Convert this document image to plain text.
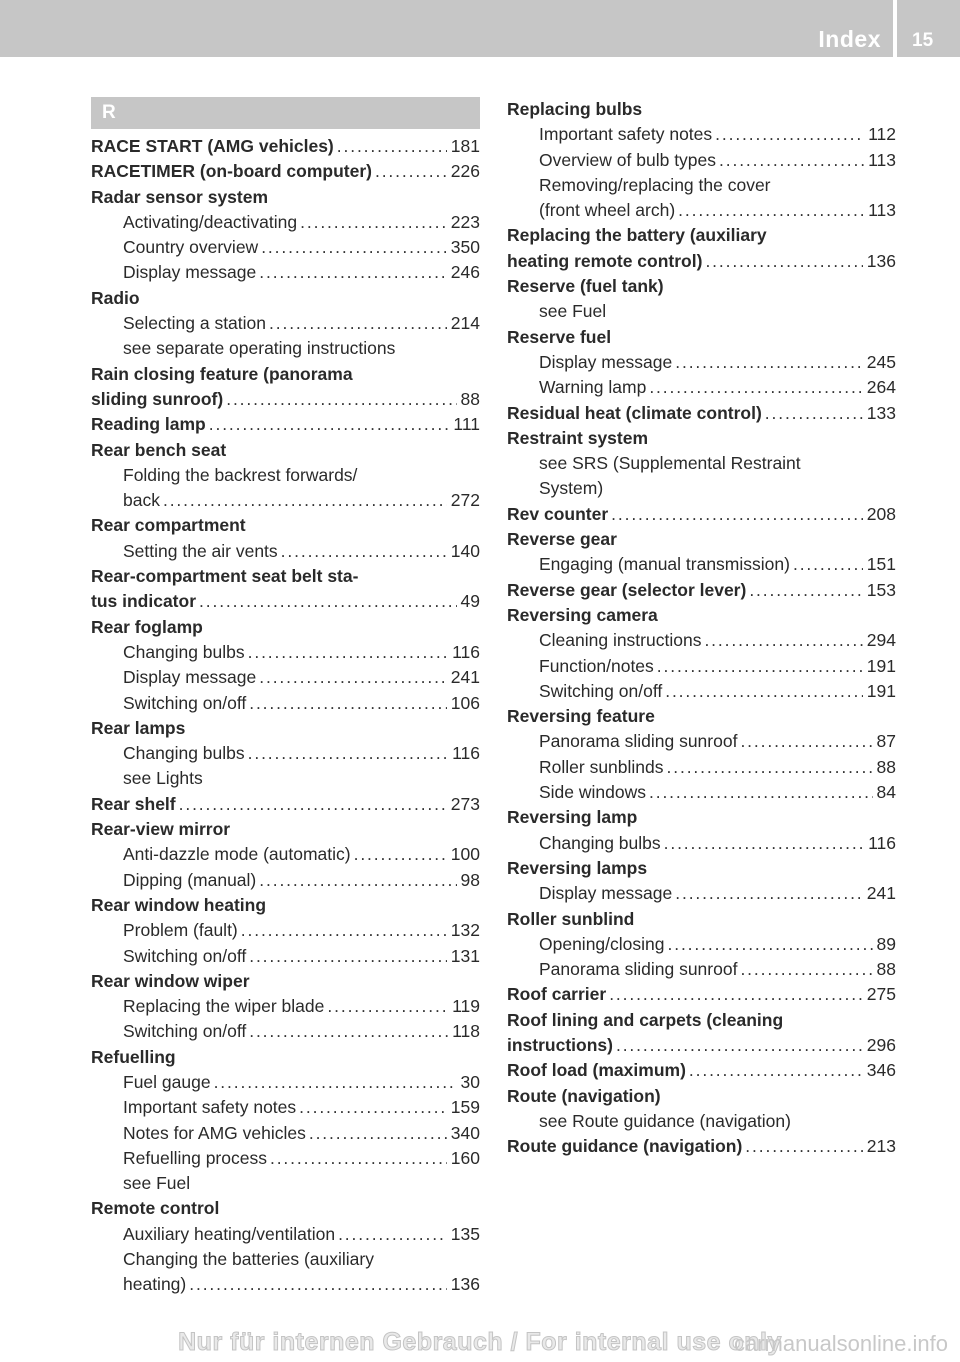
Index 15
R
RACE START (AMG vehicles) . . .	181
RACETIMER (on-board computer) . . .	226
Radar sensor system
Activating/deactivating . . .	223
Country overview . . .	350
Display message . . .	246
Radio
Selecting a station . . .	214
see separate operating instructions
Rain closing feature (panorama
sliding sunroof) . . .	88
Reading lamp . . .	111
Rear bench seat
Folding the backrest forwards/
back . . .	272
Rear compartment
Setting the air vents . . .	140
Rear-compartment seat belt sta-
tus indicator . . .	49
Rear foglamp
Changing bulbs . . .	116
Display message . . .	241
Switching on/off . . .	106
Rear lamps
Changing bulbs . . .	116
see Lights
Rear shelf . . .	273
Rear-view mirror
Anti-dazzle mode (automatic) . . .	100
Dipping (manual) . . .	98
Rear window heating
Problem (fault) . . .	132
Switching on/off . . .	131
Rear window wiper
Replacing the wiper blade . . .	119
Switching on/off . . .	118
Refuelling
Fuel gauge . . .	30
Important safety notes . . .	159
Notes for AMG vehicles . . .	340
Refuelling process . . .	160
see Fuel
Remote control
Auxiliary heating/ventilation . . .	135
Changing the batteries (auxiliary
heating) . . .	136
Replacing bulbs
Important safety notes . . .	112
Overview of bulb types . . .	113
Removing/replacing the cover
(front wheel arch) . . .	113
Replacing the battery (auxiliary
heating remote control) . . .	136
Reserve (fuel tank)
see Fuel
Reserve fuel
Display message . . .	245
Warning lamp . . .	264
Residual heat (climate control) . . .	133
Restraint system
see SRS (Supplemental Restraint
System)
Rev counter . . .	208
Reverse gear
Engaging (manual transmission) . . .	151
Reverse gear (selector lever) . . .	153
Reversing camera
Cleaning instructions . . .	294
Function/notes . . .	191
Switching on/off . . .	191
Reversing feature
Panorama sliding sunroof . . .	87
Roller sunblinds . . .	88
Side windows . . .	84
Reversing lamp
Changing bulbs . . .	116
Reversing lamps
Display message . . .	241
Roller sunblind
Opening/closing . . .	89
Panorama sliding sunroof . . .	88
Roof carrier . . .	275
Roof lining and carpets (cleaning
instructions) . . .	296
Roof load (maximum) . . .	346
Route (navigation)
see Route guidance (navigation)
Route guidance (navigation) . . .	213
Nur für internen Gebrauch / For internal use only
carmanualsonline.info
